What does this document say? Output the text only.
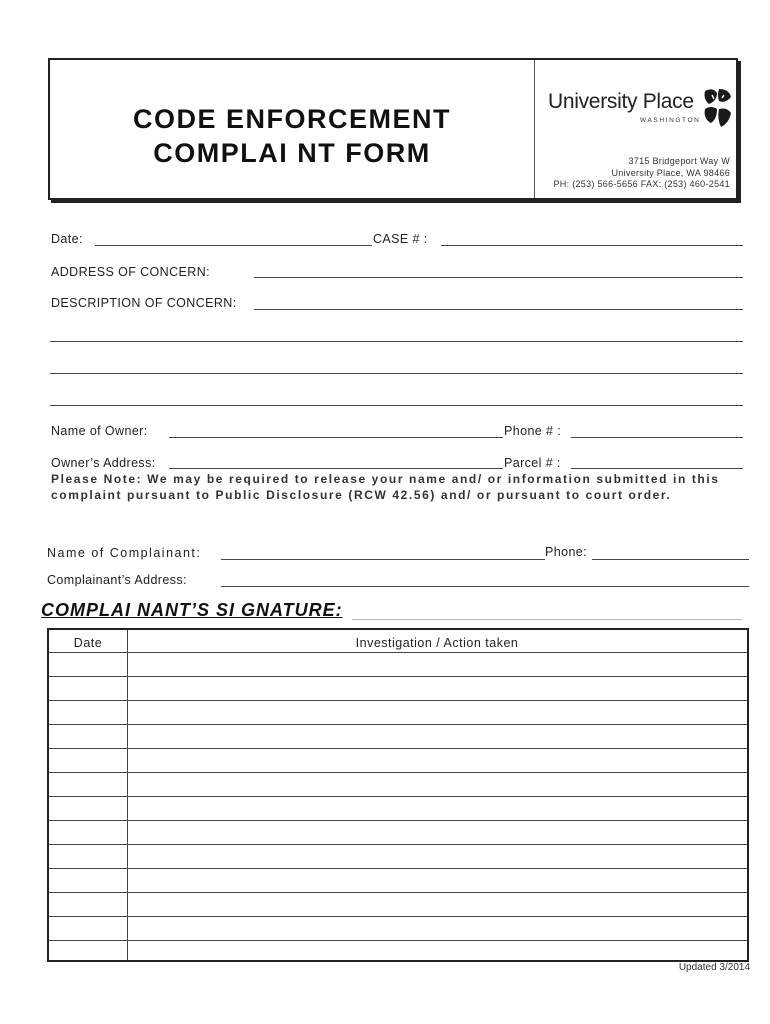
CODE ENFORCEMENT
COMPLAI NT FORM
University Place
WASHINGTON
3715 Bridgeport Way W
University Place, WA 98466
PH: (253) 566-5656 FAX: (253) 460-2541
Date:	CASE # :
ADDRESS OF CONCERN:
DESCRIPTION OF CONCERN:
Name of Owner:	Phone # :
Owner’s Address:	Parcel # :
Please Note: We may be required to release your name and/ or information submitted in this
complaint pursuant to Public Disclosure (RCW 42.56) and/ or pursuant to court order.
Name of Complainant:	Phone:
Complainant’s Address:
COMPLAI NANT’S SI GNATURE:
Date	Investigation / Action taken
Updated 3/2014
